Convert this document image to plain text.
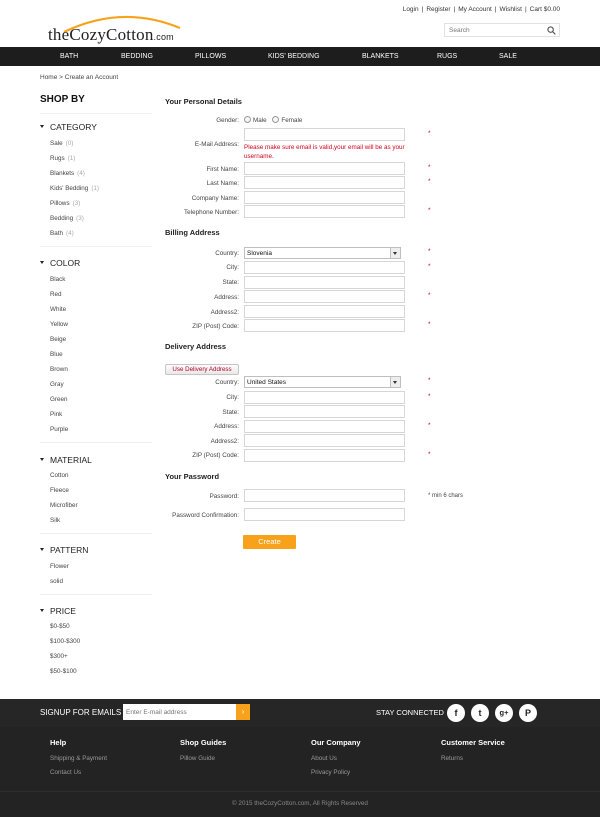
theCozyCotton.com
Login | Register | My Account | Wishlist | Cart $0.00
Search
BATH	BEDDING	PILLOWS	KIDS' BEDDING	BLANKETS	RUGS	SALE
Home > Create an Account
SHOP BY
CATEGORY
Sale (0)
Rugs (1)
Blankets (4)
Kids' Bedding (1)
Pillows (3)
Bedding (3)
Bath (4)
COLOR
Black
Red
White
Yellow
Beige
Blue
Brown
Gray
Green
Pink
Purple
MATERIAL
Cotton
Fleece
Microfiber
Silk
PATTERN
Flower
solid
PRICE
$0-$50
$100-$300
$300+
$50-$100
Your Personal Details
Gender:	Male Female
E-Mail Address:
*
Please make sure email is valid,your email will be as your username.
First Name:	*
Last Name:	*
Company Name:
Telephone Number:	*
Billing Address
Country:	Slovenia	*
City:	*
State:
Address:	*
Address2:
ZIP (Post) Code:	*
Delivery Address
Use Delivery Address
Country:	United States	*
City:	*
State:
Address:	*
Address2:
ZIP (Post) Code:	*
Your Password
Password:	* min 6 chars
Password Confirmation:
Create
SIGNUP FOR EMAILS
Enter E-mail address	›	STAY CONNECTED	f	t	g+	P
Help
Shipping & Payment
Contact Us
Shop Guides
Pillow Guide
Our Company
About Us
Privacy Policy
Customer Service
Returns
© 2015 theCozyCotton.com, All Rights Reserved
